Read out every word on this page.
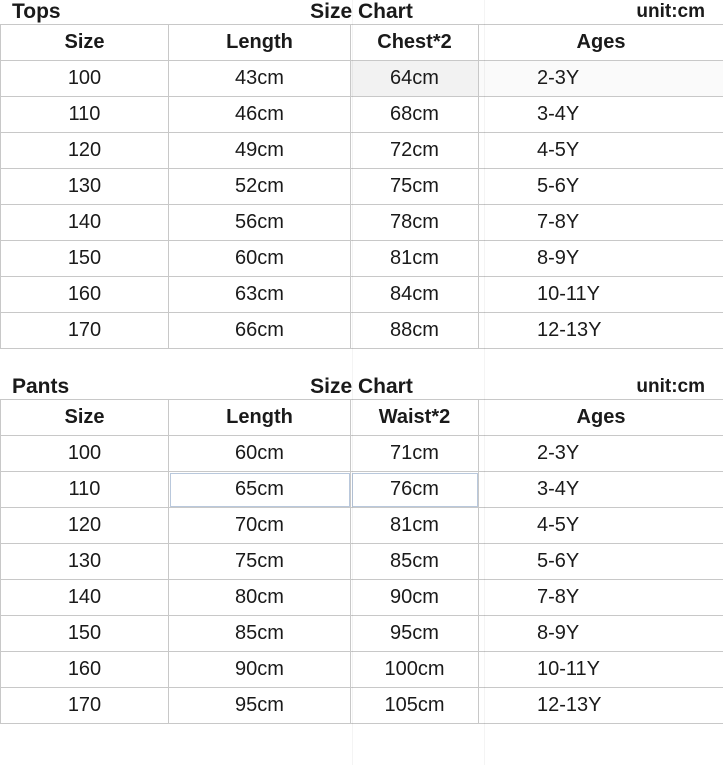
Tops	Size Chart	unit:cm
Size	Length	Chest*2	Ages
100	43cm	64cm	2-3Y
110	46cm	68cm	3-4Y
120	49cm	72cm	4-5Y
130	52cm	75cm	5-6Y
140	56cm	78cm	7-8Y
150	60cm	81cm	8-9Y
160	63cm	84cm	10-11Y
170	66cm	88cm	12-13Y
Pants	Size Chart	unit:cm
Size	Length	Waist*2	Ages
100	60cm	71cm	2-3Y
110	65cm	76cm	3-4Y
120	70cm	81cm	4-5Y
130	75cm	85cm	5-6Y
140	80cm	90cm	7-8Y
150	85cm	95cm	8-9Y
160	90cm	100cm	10-11Y
170	95cm	105cm	12-13Y
